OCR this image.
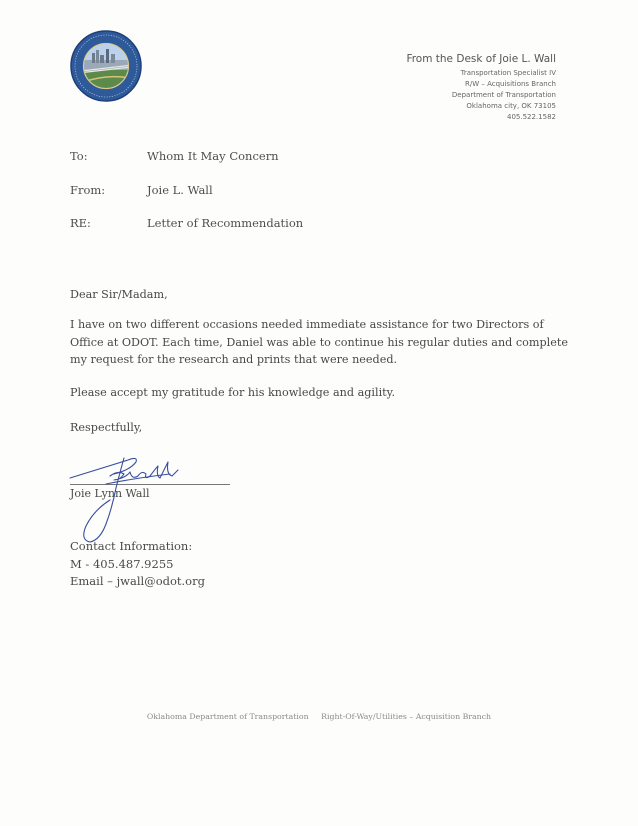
From the Desk of Joie L. Wall
Transportation Specialist IV
R/W – Acquisitions Branch
Department of Transportation
Oklahoma city, OK 73105
405.522.1582
To:	Whom It May Concern
From:	Joie L. Wall
RE:	Letter of Recommendation

Dear Sir/Madam,

I have on two different occasions needed immediate assistance for two Directors of Office at ODOT. Each time, Daniel was able to continue his regular duties and complete my request for the research and prints that were needed.

Please accept my gratitude for his knowledge and agility.

Respectfully,

Joie Lynn Wall
Contact Information:
M - 405.487.9255
Email – jwall@odot.org
Oklahoma Department of Transportation Right-Of-Way/Utilities – Acquisition Branch
